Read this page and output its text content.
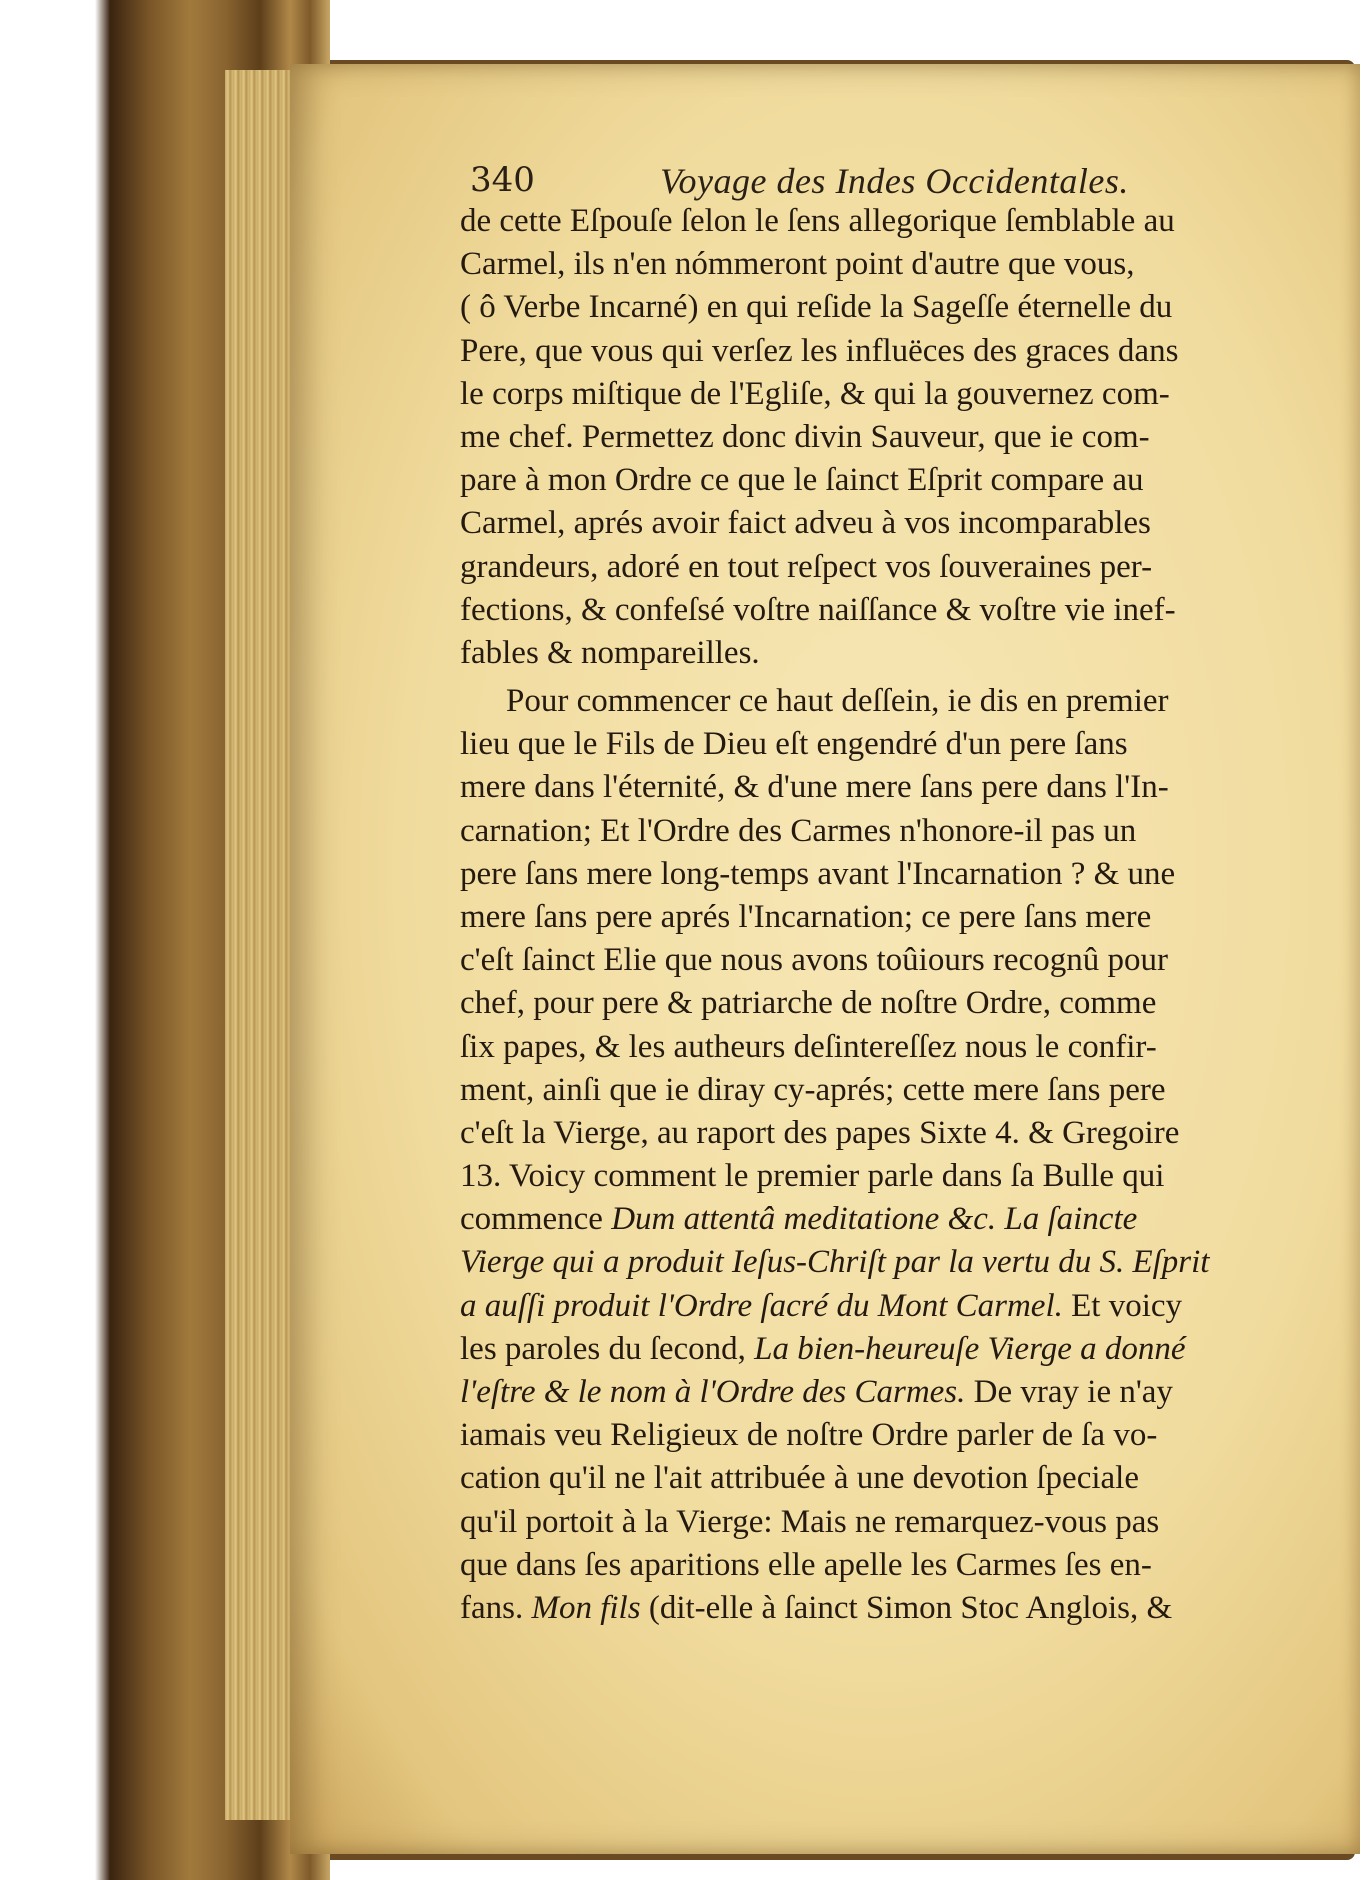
340	Voyage des Indes Occidentales.
de cette Eſpouſe ſelon le ſens allegorique ſemblable au
Carmel, ils n'en nómmeront point d'autre que vous,
( ô Verbe Incarné) en qui reſide la Sageſſe éternelle du
Pere, que vous qui verſez les influëces des graces dans
le corps miſtique de l'Egliſe, & qui la gouvernez com-
me chef. Permettez donc divin Sauveur, que ie com-
pare à mon Ordre ce que le ſainct Eſprit compare au
Carmel, aprés avoir faict adveu à vos incomparables
grandeurs, adoré en tout reſpect vos ſouveraines per-
fections, & confeſsé voſtre naiſſance & voſtre vie inef-
fables & nompareilles.
Pour commencer ce haut deſſein, ie dis en premier
lieu que le Fils de Dieu eſt engendré d'un pere ſans
mere dans l'éternité, & d'une mere ſans pere dans l'In-
carnation; Et l'Ordre des Carmes n'honore-il pas un
pere ſans mere long-temps avant l'Incarnation ? & une
mere ſans pere aprés l'Incarnation; ce pere ſans mere
c'eſt ſainct Elie que nous avons toûiours recognû pour
chef, pour pere & patriarche de noſtre Ordre, comme
ſix papes, & les autheurs deſintereſſez nous le confir-
ment, ainſi que ie diray cy-aprés; cette mere ſans pere
c'eſt la Vierge, au raport des papes Sixte 4. & Gregoire
13. Voicy comment le premier parle dans ſa Bulle qui
commence Dum attentâ meditatione &c. La ſaincte
Vierge qui a produit Ieſus-Chriſt par la vertu du S. Eſprit
a auſſi produit l'Ordre ſacré du Mont Carmel. Et voicy
les paroles du ſecond, La bien-heureuſe Vierge a donné
l'eſtre & le nom à l'Ordre des Carmes. De vray ie n'ay
iamais veu Religieux de noſtre Ordre parler de ſa vo-
cation qu'il ne l'ait attribuée à une devotion ſpeciale
qu'il portoit à la Vierge: Mais ne remarquez-vous pas
que dans ſes aparitions elle apelle les Carmes ſes en-
fans. Mon fils (dit-elle à ſainct Simon Stoc Anglois, &
